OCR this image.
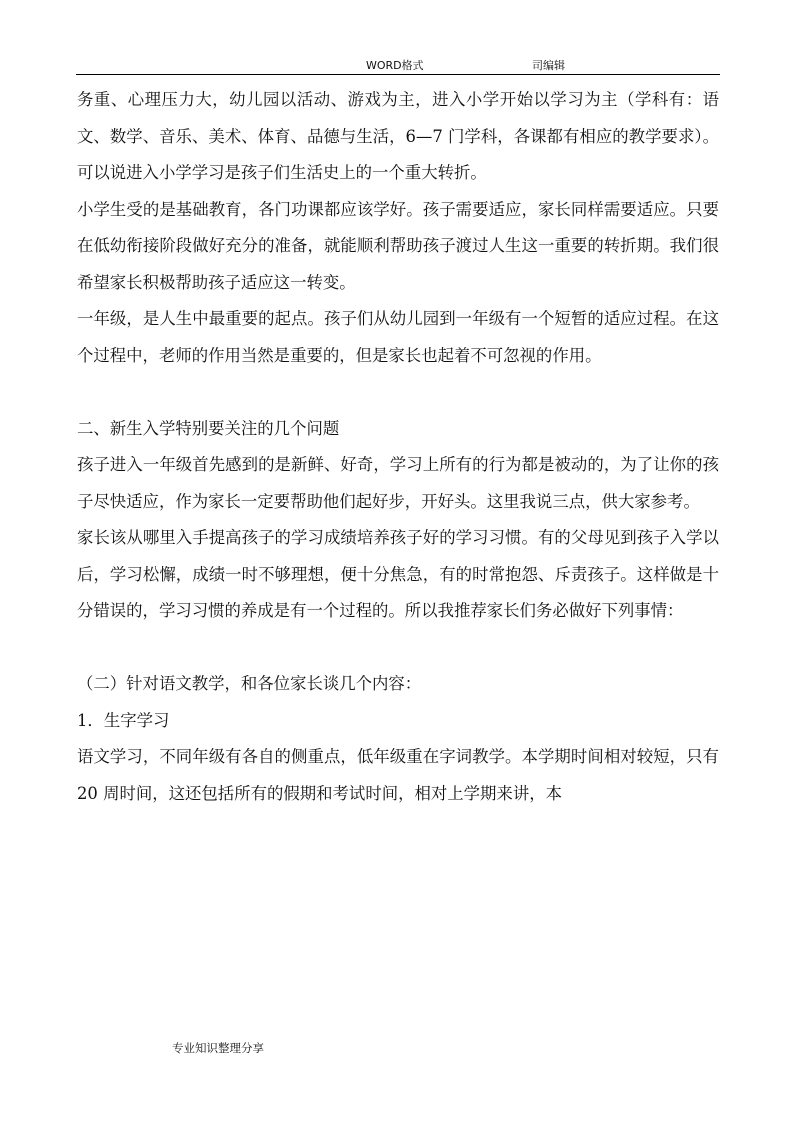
WORD格式	司编辑

务重、心理压力大，幼儿园以活动、游戏为主，进入小学开始以学习为主（学科有：语文、数学、音乐、美术、体育、品德与生活，6—7 门学科，各课都有相应的教学要求）。可以说进入小学学习是孩子们生活史上的一个重大转折。

小学生受的是基础教育，各门功课都应该学好。孩子需要适应，家长同样需要适应。只要在低幼衔接阶段做好充分的准备，就能顺利帮助孩子渡过人生这一重要的转折期。我们很希望家长积极帮助孩子适应这一转变。

一年级，是人生中最重要的起点。孩子们从幼儿园到一年级有一个短暂的适应过程。在这个过程中，老师的作用当然是重要的，但是家长也起着不可忽视的作用。

二、新生入学特别要关注的几个问题

孩子进入一年级首先感到的是新鲜、好奇，学习上所有的行为都是被动的，为了让你的孩子尽快适应，作为家长一定要帮助他们起好步，开好头。这里我说三点，供大家参考。

家长该从哪里入手提高孩子的学习成绩培养孩子好的学习习惯。有的父母见到孩子入学以后，学习松懈，成绩一时不够理想，便十分焦急，有的时常抱怨、斥责孩子。这样做是十分错误的，学习习惯的养成是有一个过程的。所以我推荐家长们务必做好下列事情：

（二）针对语文教学，和各位家长谈几个内容：

1．生字学习

语文学习，不同年级有各自的侧重点，低年级重在字词教学。本学期时间相对较短，只有 20 周时间，这还包括所有的假期和考试时间，相对上学期来讲，本

专业知识整理分享
